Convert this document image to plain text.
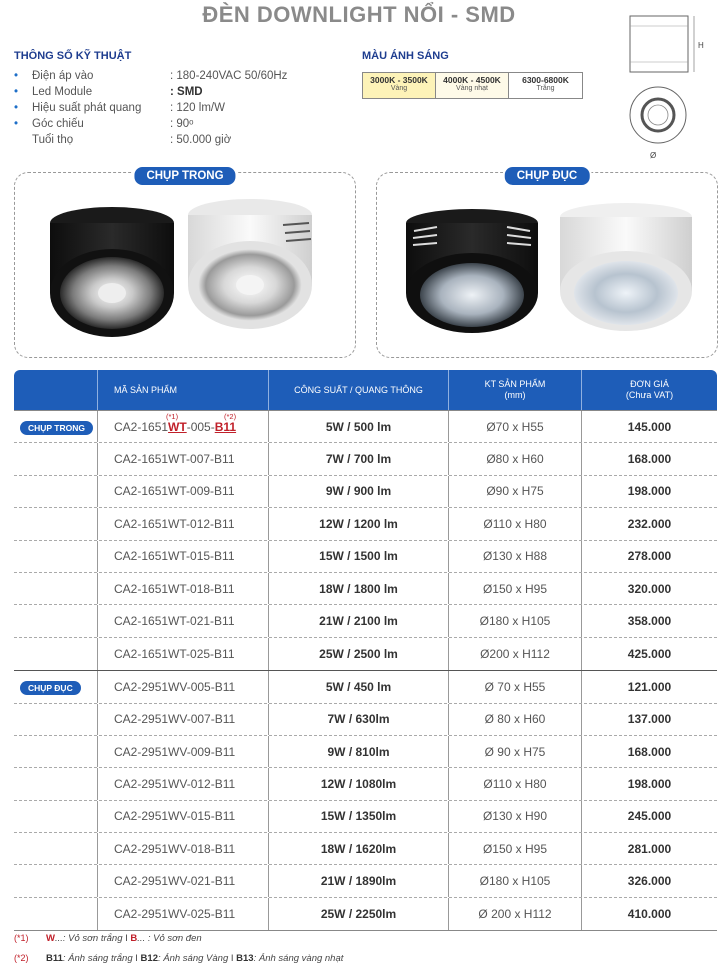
ĐÈN DOWNLIGHT NỔI - SMD
THÔNG SỐ KỸ THUẬT
• Điện áp vào	: 180-240VAC 50/60Hz
• Led Module	: SMD
• Hiệu suất phát quang : 120 lm/W
• Góc chiếu	: 90ᵒ
Tuổi thọ	: 50.000 giờ
MÀU ÁNH SÁNG
3000K - 3500K
Vàng
4000K - 4500K
Vàng nhạt
6300-6800K
Trắng
H
Ø
CHỤP TRONG	CHỤP ĐỤC
MÃ SẢN PHẨM	CÔNG SUẤT / QUANG THÔNG
KT SẢN PHẨM
(mm)
ĐƠN GIÁ
(Chưa VAT)
CHỤP TRONG
(*1)	(*2)
CA2-1651 WT -005- B11	5W / 500 lm	Ø70 x H55	145.000
CA2-1651WT-007-B11	7W / 700 lm	Ø80 x H60	168.000
CA2-1651WT-009-B11	9W / 900 lm	Ø90 x H75	198.000
CA2-1651WT-012-B11	12W / 1200 lm	Ø110 x H80	232.000
CA2-1651WT-015-B11	15W / 1500 lm	Ø130 x H88	278.000
CA2-1651WT-018-B11	18W / 1800 lm	Ø150 x H95	320.000
CA2-1651WT-021-B11	21W / 2100 lm	Ø180 x H105	358.000
CA2-1651WT-025-B11	25W / 2500 lm	Ø200 x H112	425.000
CHỤP ĐỤC	CA2-2951WV-005-B11	5W / 450 lm	Ø 70 x H55	121.000
CA2-2951WV-007-B11	7W / 630lm	Ø 80 x H60	137.000
CA2-2951WV-009-B11	9W / 810lm	Ø 90 x H75	168.000
CA2-2951WV-012-B11	12W / 1080lm	Ø110 x H80	198.000
CA2-2951WV-015-B11	15W / 1350lm	Ø130 x H90	245.000
CA2-2951WV-018-B11	18W / 1620lm	Ø150 x H95	281.000
CA2-2951WV-021-B11	21W / 1890lm	Ø180 x H105	326.000
CA2-2951WV-025-B11	25W / 2250lm	Ø 200 x H112	410.000
(*1) W...: Vỏ sơn trắng I B... : Vỏ sơn đen
(*2) B11: Ánh sáng trắng I B12: Ánh sáng Vàng I B13: Ánh sáng vàng nhạt
